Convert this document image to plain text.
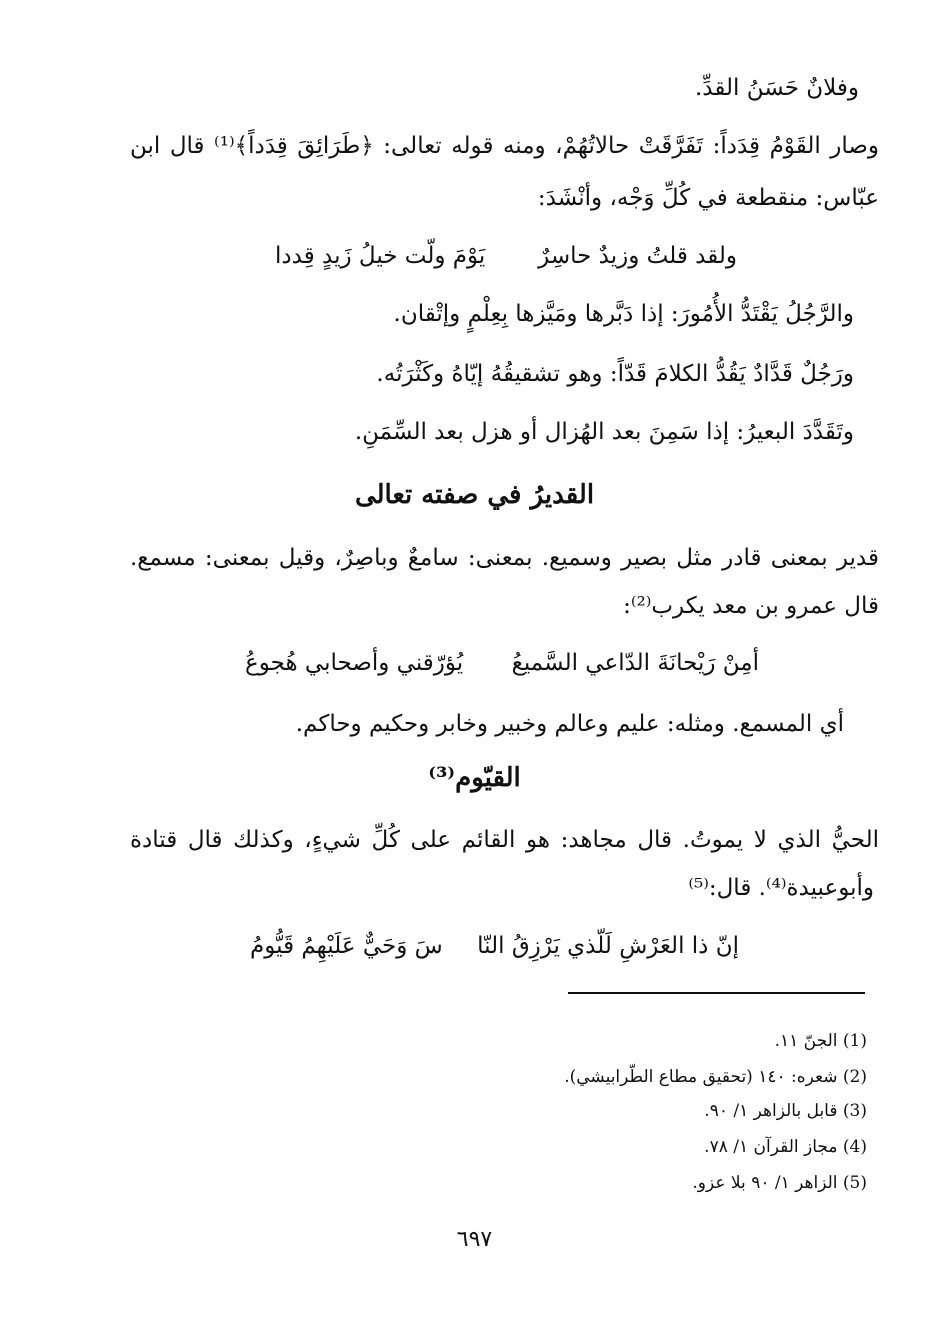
وفلانٌ حَسَنُ القدِّ.

وصار القَوْمُ قِدَداً: تَفَرَّقَتْ حالاتُهُمْ، ومنه قوله تعالى: ﴿طَرَائِقَ قِدَداً﴾⁽¹⁾ قال ابن

عبّاس: منقطعة في كُلِّ وَجْه، وأنْشَدَ:

ولقد قلتُ وزيدٌ حاسِرٌ
يَوْمَ ولّت خيلُ زَيدٍ قِددا

والرَّجُلُ يَقْتَدُّ الأُمُورَ: إذا دَبَّرها ومَيَّزها بِعِلْمٍ وإتْقان.

ورَجُلٌ قَدَّادٌ يَقُدُّ الكلامَ قَدّاً: وهو تشقيقُهُ إيّاهُ وكَثْرَتُه.

وتَقَدَّدَ البعيرُ: إذا سَمِنَ بعد الهُزال أو هزل بعد السِّمَنِ.

القديرُ في صفته تعالى

قدير بمعنى قادر مثل بصير وسميع. بمعنى: سامعٌ وباصِرٌ، وقيل بمعنى: مسمع.

قال عمرو بن معد يكرب⁽²⁾:

أمِنْ رَيْحانَةَ الدّاعي السَّميعُ
يُؤرّقني وأصحابي هُجوعُ

أي المسمع. ومثله: عليم وعالم وخبير وخابر وحكيم وحاكم.

القيّوم⁽³⁾

الحيُّ الذي لا يموتُ. قال مجاهد: هو القائم على كُلِّ شيءٍ، وكذلك قال قتادة

وأبوعبيدة⁽⁴⁾. قال:⁽⁵⁾

إنّ ذا العَرْشِ لَلّذي يَرْزِقُ النّا
سَ وَحَيٌّ عَلَيْهِمُ قَيُّومُ

(1) الجنّ ١١.

(2) شعره: ١٤٠ (تحقيق مطاع الطّرابيشي).

(3) قابل بالزاهر ١/ ٩٠.

(4) مجاز القرآن ١/ ٧٨.

(5) الزاهر ١/ ٩٠ بلا عزو.

٦٩٧
